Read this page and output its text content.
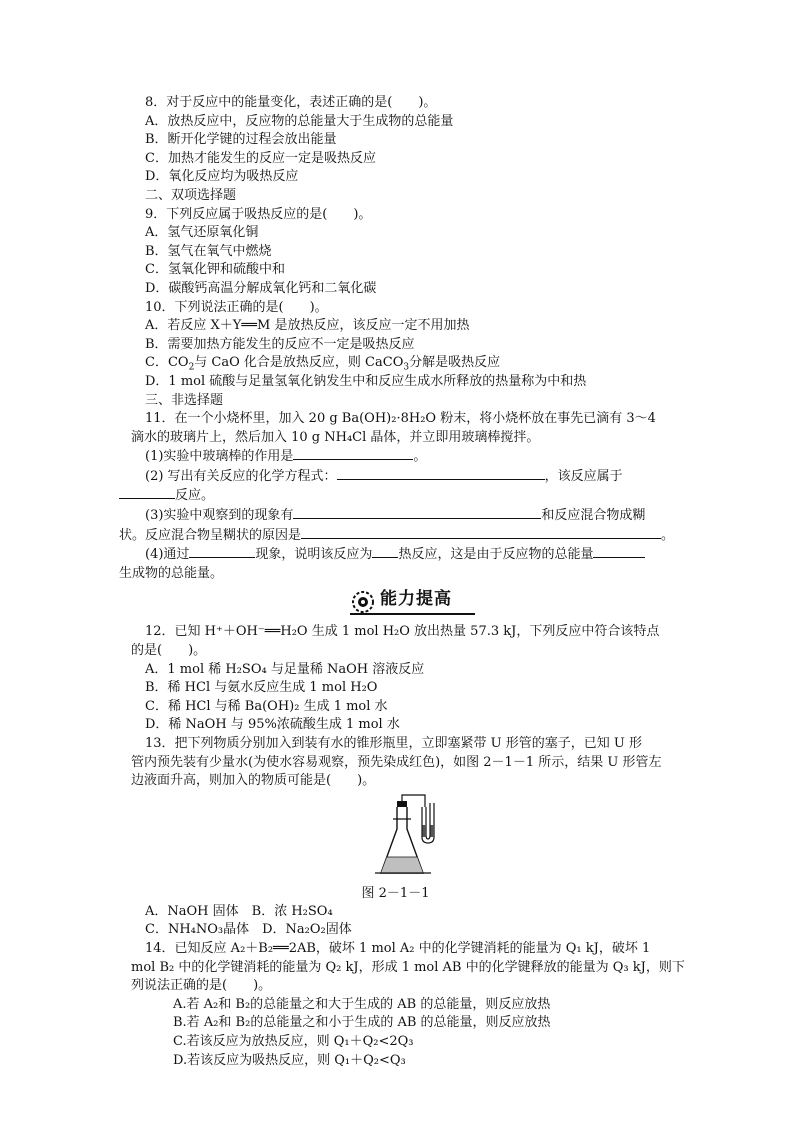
8．对于反应中的能量变化，表述正确的是(　　)。
A．放热反应中，反应物的总能量大于生成物的总能量
B．断开化学键的过程会放出能量
C．加热才能发生的反应一定是吸热反应
D．氧化反应均为吸热反应
二、双项选择题
9．下列反应属于吸热反应的是(　　)。
A．氢气还原氧化铜
B．氢气在氧气中燃烧
C．氢氧化钾和硫酸中和
D．碳酸钙高温分解成氧化钙和二氧化碳
10．下列说法正确的是(　　)。
A．若反应 X＋Y══M 是放热反应，该反应一定不用加热
B．需要加热方能发生的反应不一定是吸热反应
C．$CO_2$与 CaO 化合是放热反应，则 CaCO$_3$分解是吸热反应
D．1 mol 硫酸与足量氢氧化钠发生中和反应生成水所释放的热量称为中和热
三、非选择题
11．在一个小烧杯里，加入 20 g Ba(OH)₂·8H₂O 粉末，将小烧杯放在事先已滴有 3～4
滴水的玻璃片上，然后加入 10 g NH₄Cl 晶体，并立即用玻璃棒搅拌。
(1)实验中玻璃棒的作用是	。
(2) 写出有关反应的化学方程式：	，该反应属于
反应。
(3)实验中观察到的现象有	和反应混合物成糊
状。反应混合物呈糊状的原因是	。
(4)通过	现象，说明该反应为 热反应，这是由于反应物的总能量
生成物的总能量。
能力提高
12．已知 H⁺＋OH⁻══H₂O 生成 1 mol H₂O 放出热量 57.3 kJ，下列反应中符合该特点
的是(　　)。
A．1 mol 稀 H₂SO₄ 与足量稀 NaOH 溶液反应
B．稀 HCl 与氨水反应生成 1 mol H₂O
C．稀 HCl 与稀 Ba(OH)₂ 生成 1 mol 水
D．稀 NaOH 与 95%浓硫酸生成 1 mol 水
13．把下列物质分别加入到装有水的锥形瓶里，立即塞紧带 U 形管的塞子，已知 U 形
管内预先装有少量水(为使水容易观察，预先染成红色)，如图 2－1－1 所示，结果 U 形管左
边液面升高，则加入的物质可能是(　　)。
图 2－1－1
A．NaOH 固体　B．浓 H₂SO₄
C．NH₄NO₃晶体　D．Na₂O₂固体
14．已知反应 A₂＋B₂══2AB，破坏 1 mol A₂ 中的化学键消耗的能量为 Q₁ kJ，破坏 1
mol B₂ 中的化学键消耗的能量为 Q₂ kJ，形成 1 mol AB 中的化学键释放的能量为 Q₃ kJ，则下
列说法正确的是(　　)。
A.若 A₂和 B₂的总能量之和大于生成的 AB 的总能量，则反应放热
B.若 A₂和 B₂的总能量之和小于生成的 AB 的总能量，则反应放热
C.若该反应为放热反应，则 Q₁＋Q₂<2Q₃
D.若该反应为吸热反应，则 Q₁＋Q₂<Q₃
